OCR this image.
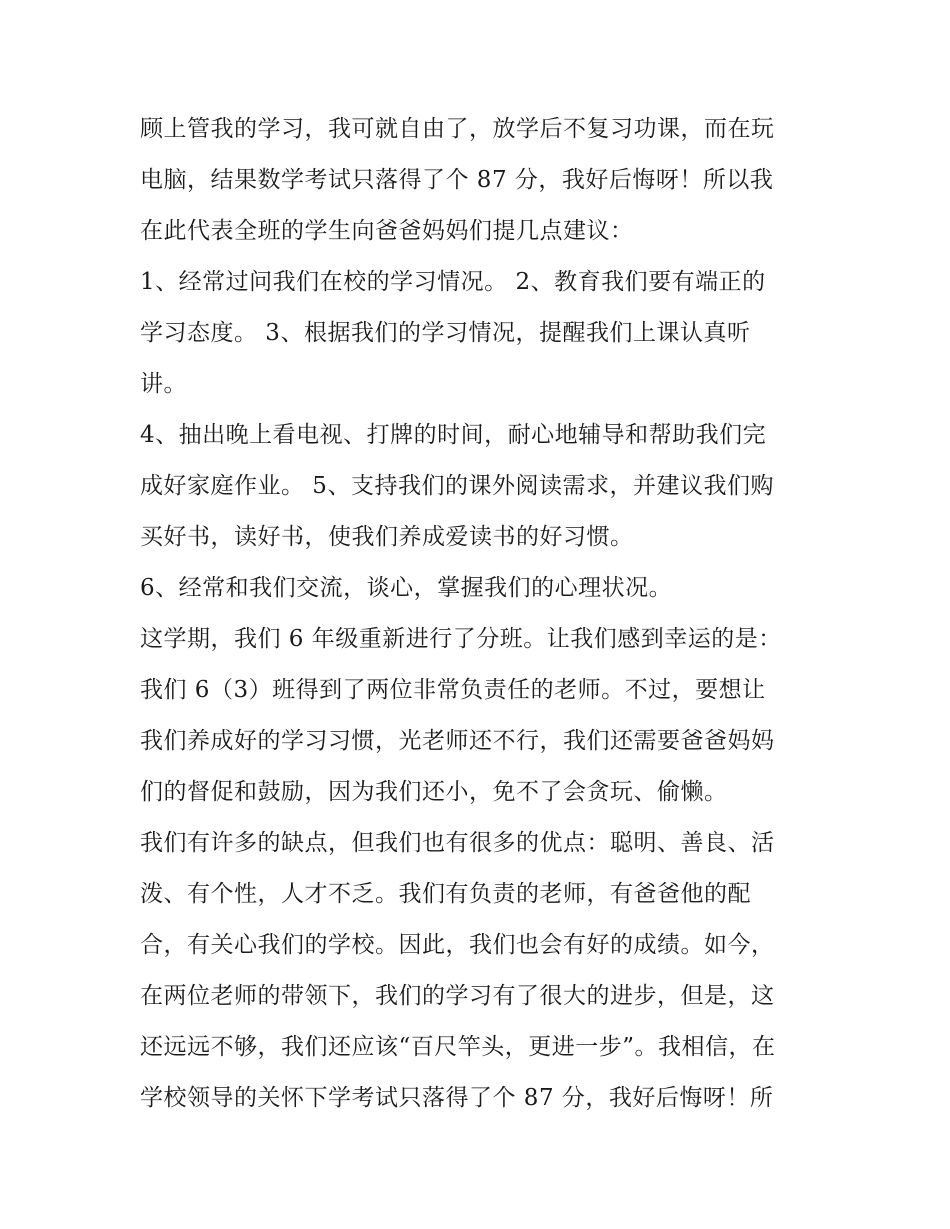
顾上管我的学习，我可就自由了，放学后不复习功课，而在玩
电脑，结果数学考试只落得了个 87 分，我好后悔呀！所以我
在此代表全班的学生向爸爸妈妈们提几点建议：
1、经常过问我们在校的学习情况。 2、教育我们要有端正的
学习态度。 3、根据我们的学习情况，提醒我们上课认真听
讲。
4、抽出晚上看电视、打牌的时间，耐心地辅导和帮助我们完
成好家庭作业。 5、支持我们的课外阅读需求，并建议我们购
买好书，读好书，使我们养成爱读书的好习惯。
6、经常和我们交流，谈心，掌握我们的心理状况。
这学期，我们 6 年级重新进行了分班。让我们感到幸运的是：
我们 6（3）班得到了两位非常负责任的老师。不过，要想让
我们养成好的学习习惯，光老师还不行，我们还需要爸爸妈妈
们的督促和鼓励，因为我们还小，免不了会贪玩、偷懒。
我们有许多的缺点，但我们也有很多的优点：聪明、善良、活
泼、有个性，人才不乏。我们有负责的老师，有爸爸他的配
合，有关心我们的学校。因此，我们也会有好的成绩。如今，
在两位老师的带领下，我们的学习有了很大的进步，但是，这
还远远不够，我们还应该“百尺竿头，更进一步”。我相信，在
学校领导的关怀下学考试只落得了个 87 分，我好后悔呀！所
